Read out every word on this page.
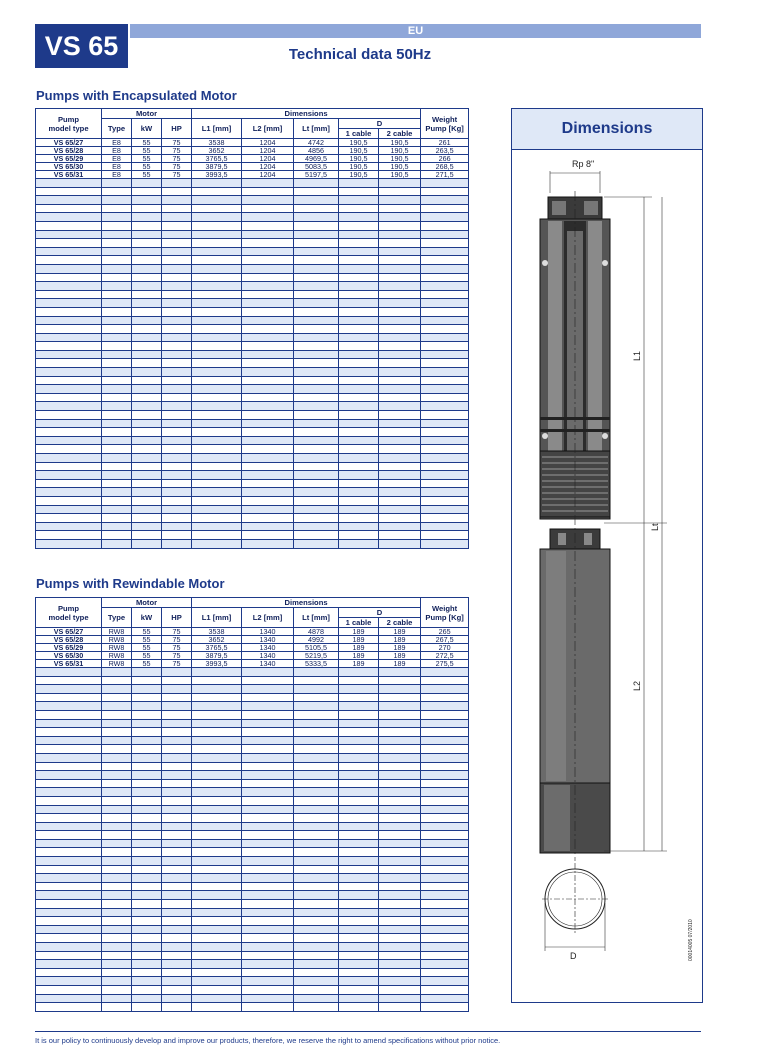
VS 65	EU
Technical data 50Hz
Pumps with Encapsulated Motor
Pump
model type	Motor			Dimensions					Weight
Pump [Kg]
	Type	kW	HP	L1 [mm]	L2 [mm]	Lt [mm]	D		
							1 cable	2 cable	
VS 65/27	E8	55	75	3538	1204	4742	190,5	190,5	261
VS 65/28	E8	55	75	3652	1204	4856	190,5	190,5	263,5
VS 65/29	E8	55	75	3765,5	1204	4969,5	190,5	190,5	266
VS 65/30	E8	55	75	3879,5	1204	5083,5	190,5	190,5	268,5
VS 65/31	E8	55	75	3993,5	1204	5197,5	190,5	190,5	271,5

Pumps with Rewindable Motor
Pump
model type	Motor			Dimensions					Weight
Pump [Kg]
	Type	kW	HP	L1 [mm]	L2 [mm]	Lt [mm]	D		
							1 cable	2 cable	
VS 65/27	RW8	55	75	3538	1340	4878	189	189	265
VS 65/28	RW8	55	75	3652	1340	4992	189	189	267,5
VS 65/29	RW8	55	75	3765,5	1340	5105,5	189	189	270
VS 65/30	RW8	55	75	3879,5	1340	5219,5	189	189	272,5
VS 65/31	RW8	55	75	3993,5	1340	5333,5	189	189	275,5

Dimensions
Rp 8"
D
L1
Lt
L2
00014005 07/2010
It is our policy to continuously develop and improve our products, therefore, we reserve the right to amend specifications without prior notice.
